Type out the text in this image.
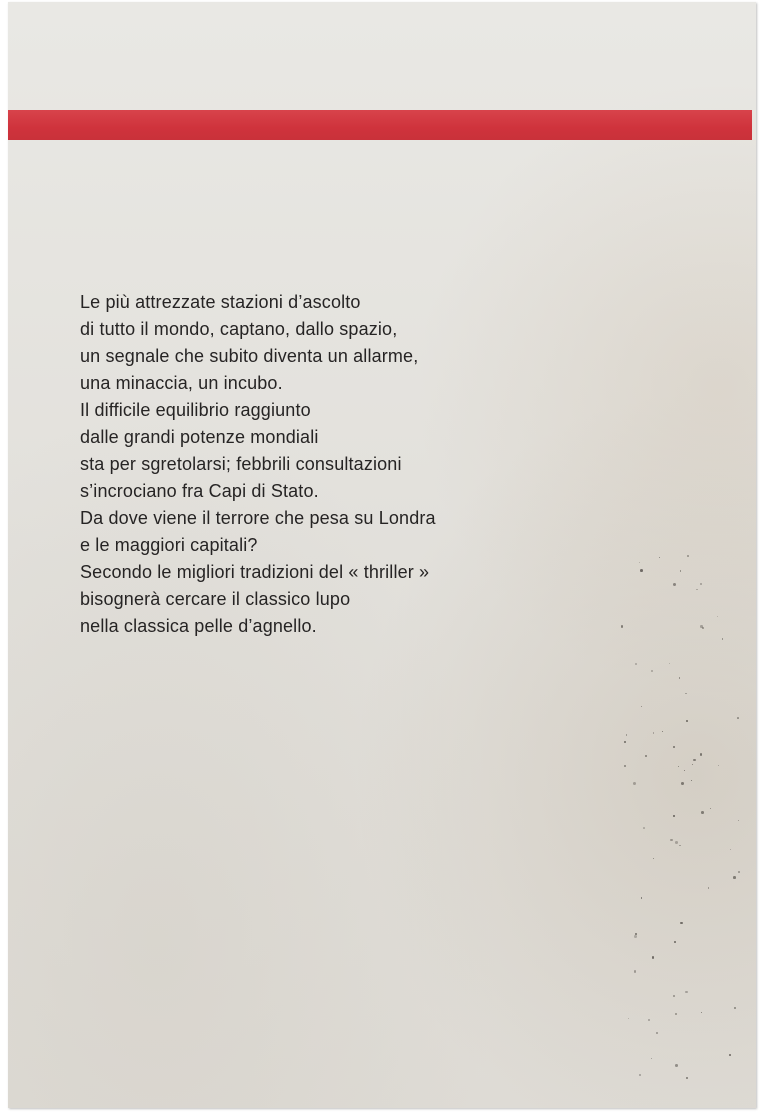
Le più attrezzate stazioni d’ascolto
di tutto il mondo, captano, dallo spazio,
un segnale che subito diventa un allarme,
una minaccia, un incubo.
Il difficile equilibrio raggiunto
dalle grandi potenze mondiali
sta per sgretolarsi; febbrili consultazioni
s’incrociano fra Capi di Stato.
Da dove viene il terrore che pesa su Londra
e le maggiori capitali?
Secondo le migliori tradizioni del « thriller »
bisognerà cercare il classico lupo
nella classica pelle d’agnello.
